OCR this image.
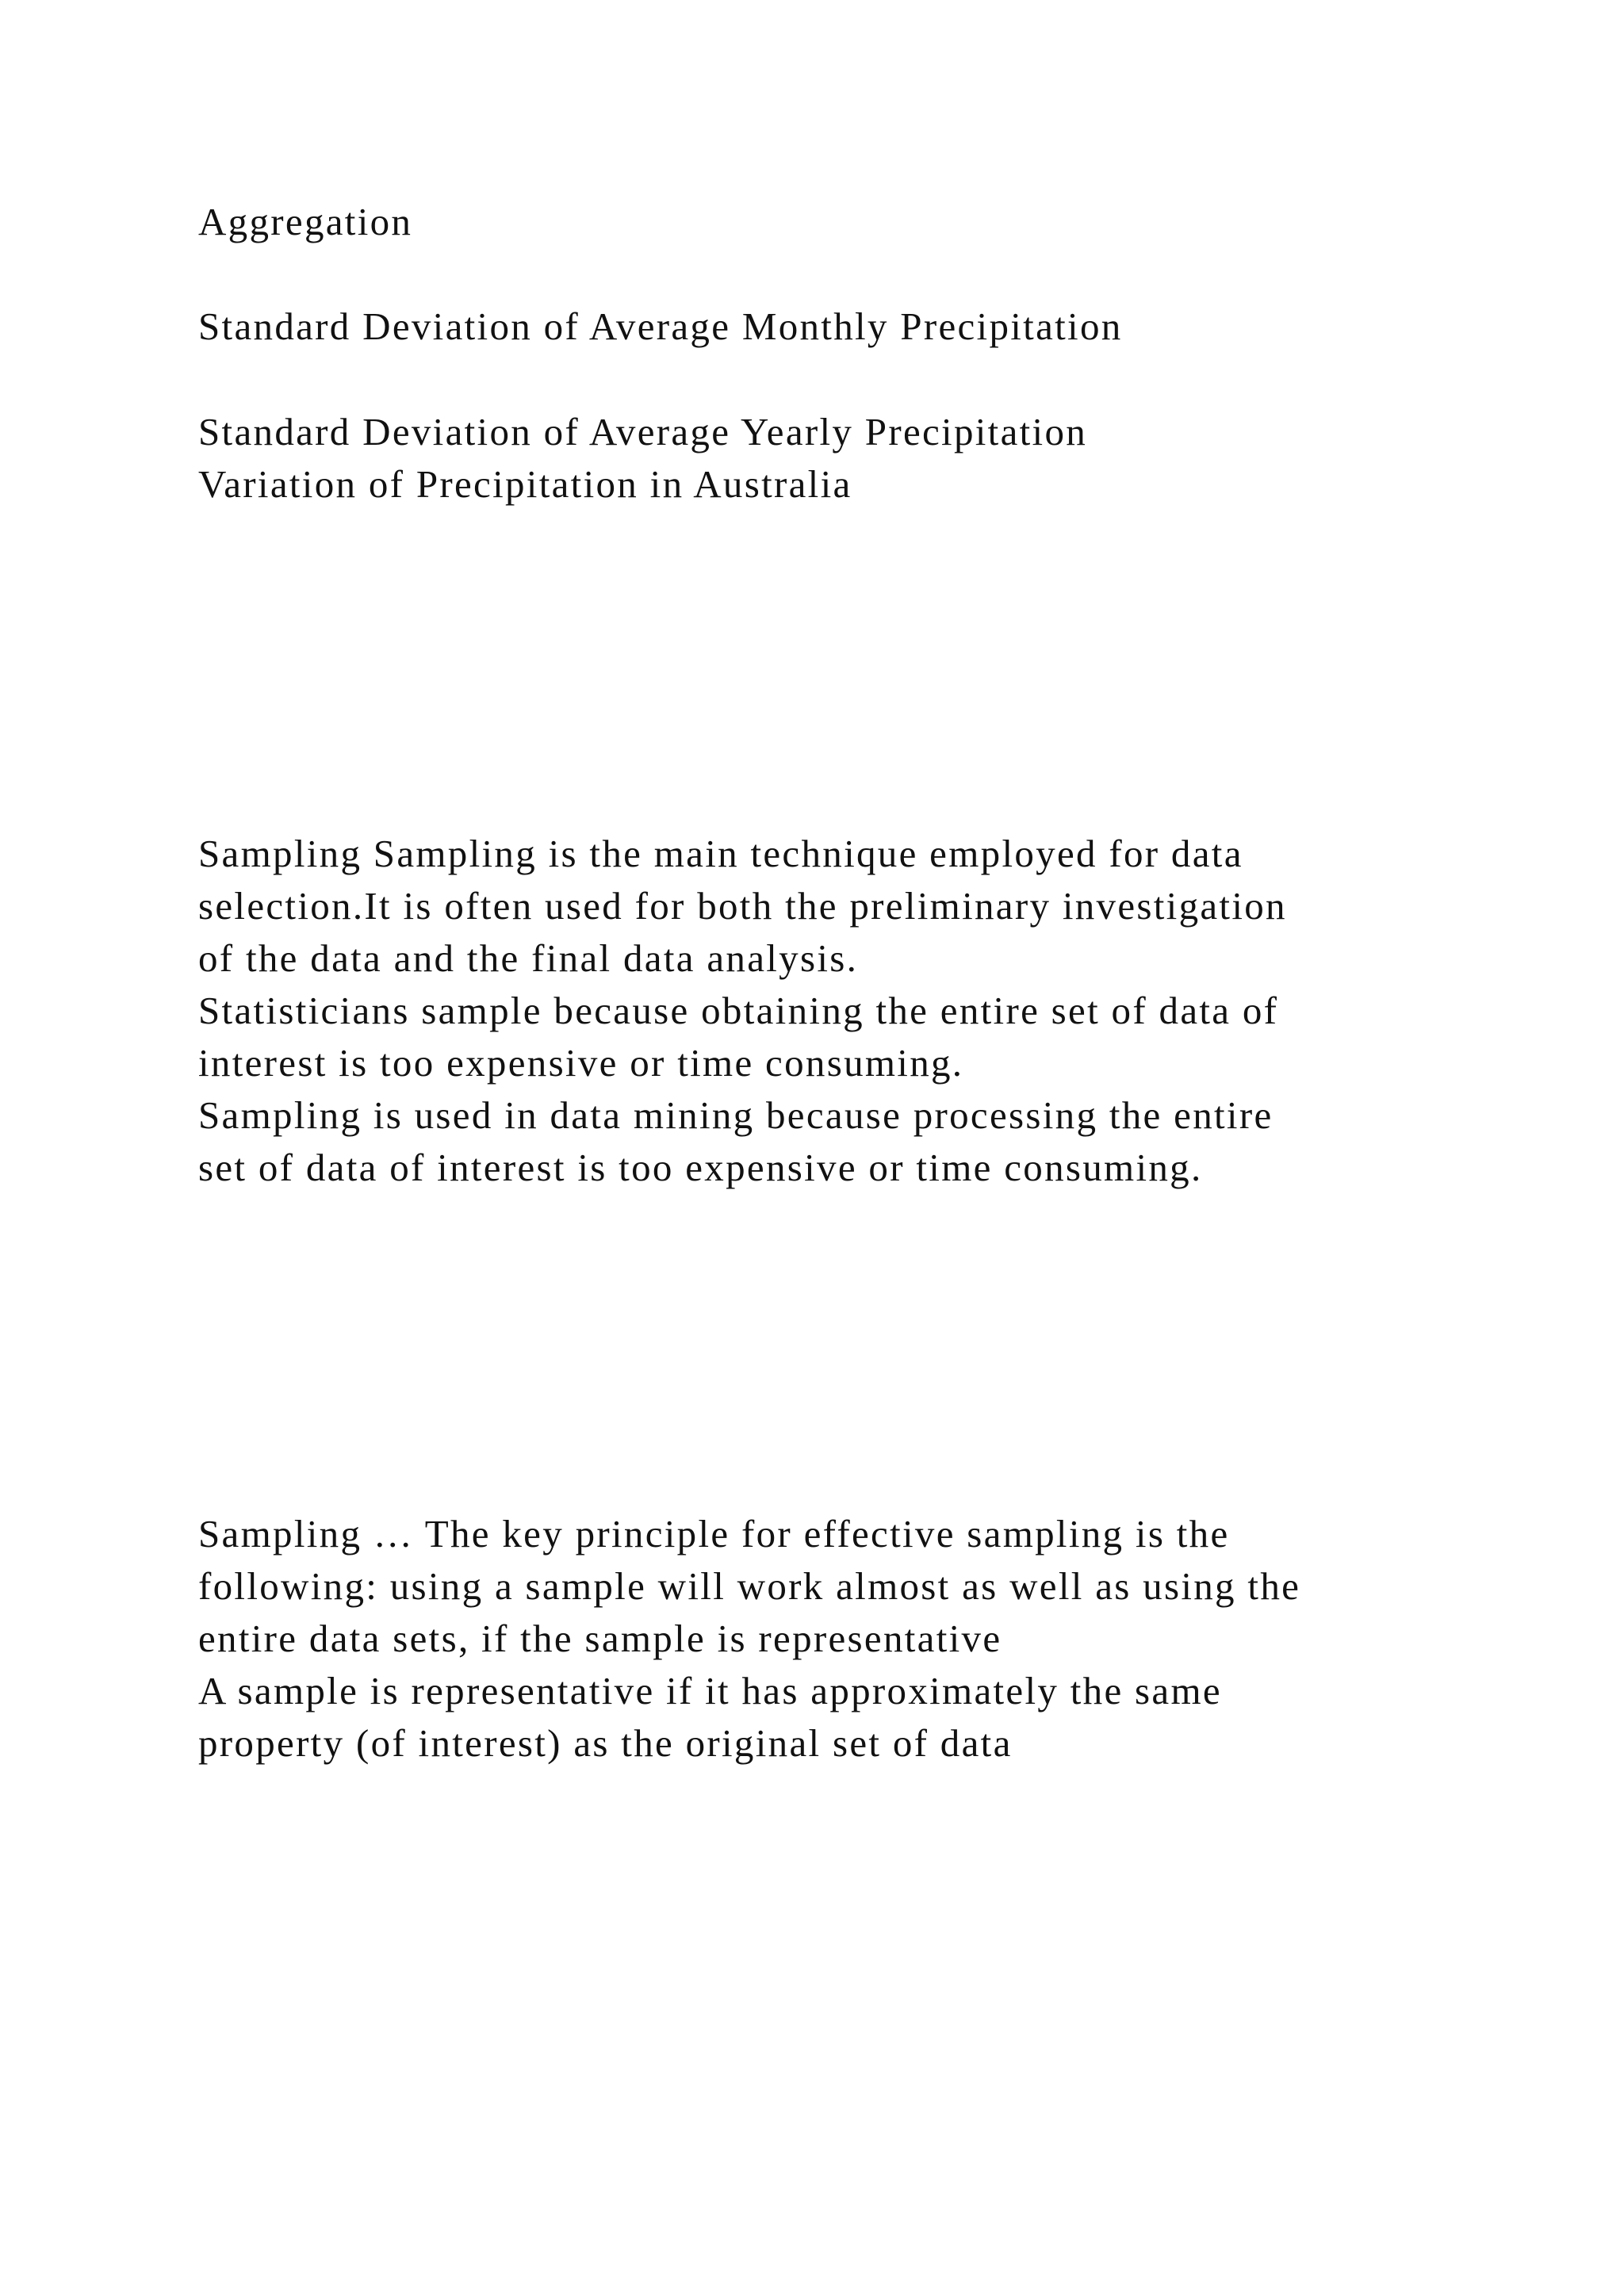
Aggregation

Standard Deviation of Average Monthly Precipitation

Standard Deviation of Average Yearly Precipitation

Variation of Precipitation in Australia

Sampling Sampling is the main technique employed for data

selection.It is often used for both the preliminary investigation

of the data and the final data analysis.

Statisticians sample because obtaining the entire set of data of

interest is too expensive or time consuming.

Sampling is used in data mining because processing the entire

set of data of interest is too expensive or time consuming.

Sampling … The key principle for effective sampling is the

following: using a sample will work almost as well as using the

entire data sets, if the sample is representative

A sample is representative if it has approximately the same

property (of interest) as the original set of data
